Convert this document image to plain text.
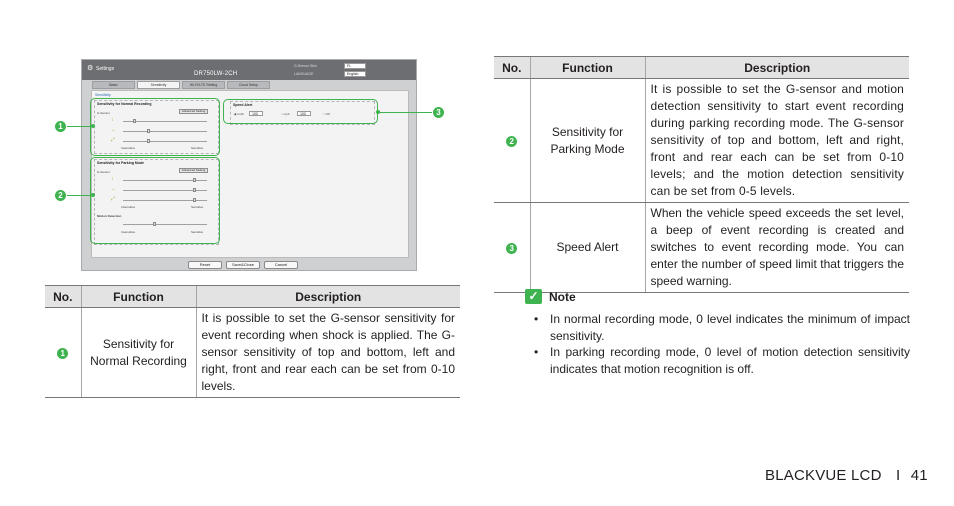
⚙ Settings
DR750LW-2CH
G-Sensor Skin
LANGUAGE
FL
English
Basic	Sensitivity	WI-FI/LTE Setting	Cloud Setup
Sensitivity
Sensitivity for Normal Recording
G-Sensor	Advanced Setting
↕
↔
⤢
Insensitive	Sensitive
Speed Alert
◉ km/h	100	○ mph	100	○ Off
Sensitivity for Parking Mode
G-Sensor	Advanced Setting
↕
↔
⤢
Insensitive	Sensitive
Motion Detection
Insensitive	Sensitive
Reset	Save&Close	Cancel
1
2
3
No.	Function	Description
1	Sensitivity for Normal Recording	It is possible to set the G-sensor sensitivity for event recording when shock is applied. The G-sensor sensitivity of top and bottom, left and right, front and rear each can be set from 0-10 levels.
No.	Function	Description
2	Sensitivity for Parking Mode	It is possible to set the G-sensor and motion detection sensitivity to start event recording during parking recording mode. The G-sensor sensitivity of top and bottom, left and right, front and rear each can be set from 0-10 levels; and the motion detection sensitivity can be set from 0-5 levels.
3	Speed Alert	When the vehicle speed exceeds the set level, a beep of event recording is created and switches to event recording mode. You can enter the number of speed limit that triggers the speed warning.
✓ Note
• In normal recording mode, 0 level indicates the minimum of impact sensitivity.
• In parking recording mode, 0 level of motion detection sensitivity indicates that motion recognition is off.
BLACKVUE LCD I 41
